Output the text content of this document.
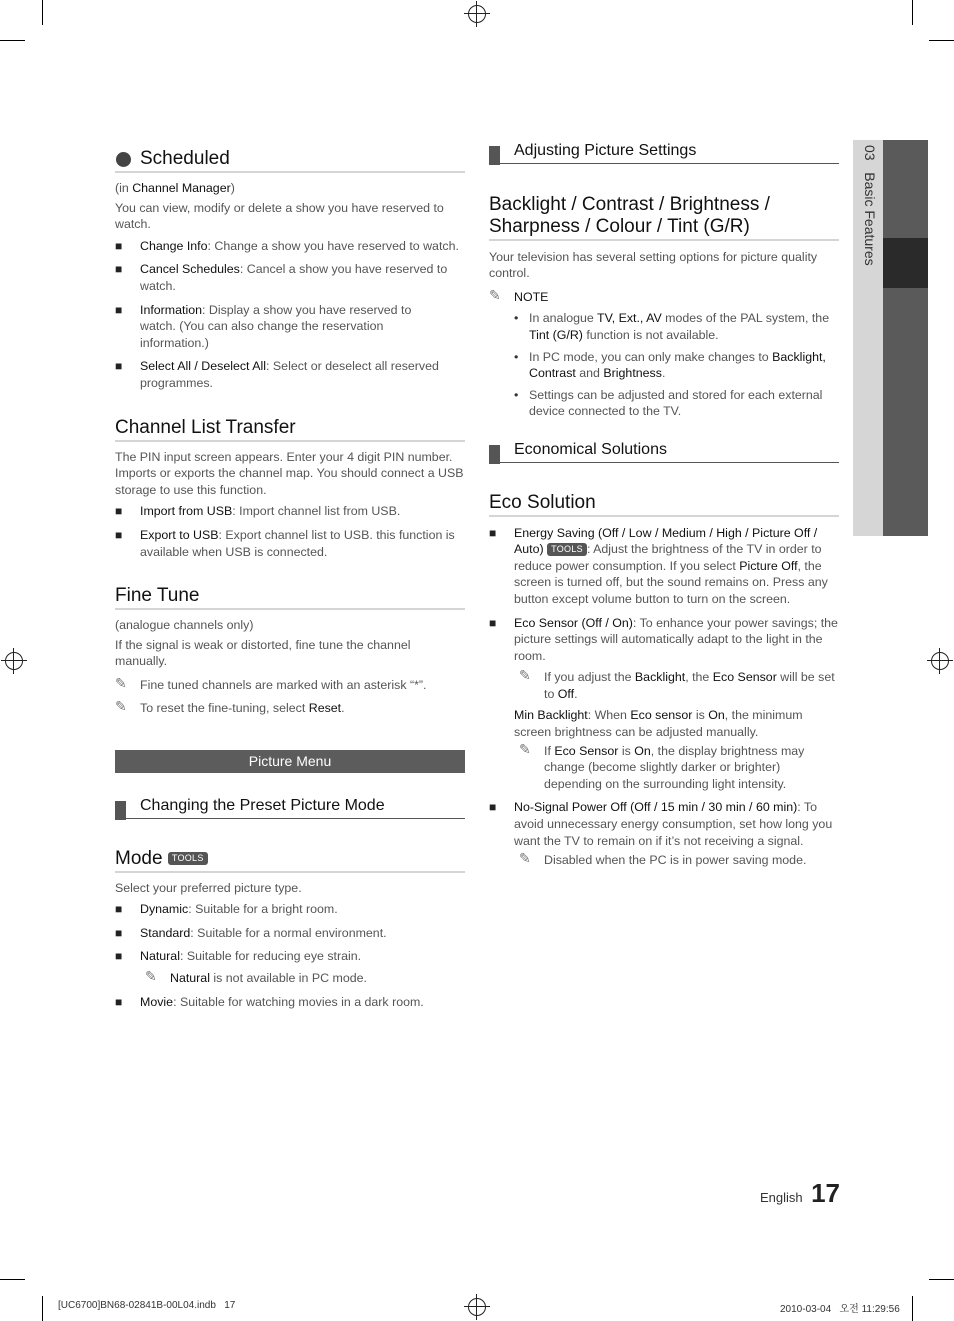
03   Basic Features
Scheduled

(in Channel Manager)

You can view, modify or delete a show you have reserved to watch.

■ Change Info: Change a show you have reserved to watch.

■ Cancel Schedules: Cancel a show you have reserved to watch.

■ Information: Display a show you have reserved to watch. (You can also change the reservation information.)

■ Select All / Deselect All: Select or deselect all reserved programmes.

Channel List Transfer

The PIN input screen appears. Enter your 4 digit PIN number. Imports or exports the channel map. You should connect a USB storage to use this function.

■ Import from USB: Import channel list from USB.

■ Export to USB: Export channel list to USB. this function is available when USB is connected.

Fine Tune

(analogue channels only)

If the signal is weak or distorted, fine tune the channel manually.

✎ Fine tuned channels are marked with an asterisk “*”.

✎ To reset the fine-tuning, select Reset.

Picture Menu
Changing the Preset Picture Mode
Mode TOOLS

Select your preferred picture type.

■ Dynamic: Suitable for a bright room.

■ Standard: Suitable for a normal environment.

■ Natural: Suitable for reducing eye strain.

✎ Natural is not available in PC mode.

■ Movie: Suitable for watching movies in a dark room.

Adjusting Picture Settings
Backlight / Contrast / Brightness / Sharpness / Colour / Tint (G/R)

Your television has several setting options for picture quality control.

✎ NOTE

• In analogue TV, Ext., AV modes of the PAL system, the Tint (G/R) function is not available.

• In PC mode, you can only make changes to Backlight, Contrast and Brightness.

• Settings can be adjusted and stored for each external device connected to the TV.

Economical Solutions
Eco Solution

■ Energy Saving (Off / Low / Medium / High / Picture Off / Auto) TOOLS : Adjust the brightness of the TV in order to reduce power consumption. If you select Picture Off, the screen is turned off, but the sound remains on. Press any button except volume button to turn on the screen.

■ Eco Sensor (Off / On): To enhance your power savings; the picture settings will automatically adapt to the light in the room.

✎ If you adjust the Backlight, the Eco Sensor will be set to Off.

Min Backlight: When Eco sensor is On, the minimum screen brightness can be adjusted manually.

✎ If Eco Sensor is On, the display brightness may change (become slightly darker or brighter) depending on the surrounding light intensity.

■ No-Signal Power Off (Off / 15 min / 30 min / 60 min): To avoid unnecessary energy consumption, set how long you want the TV to remain on if it’s not receiving a signal.

✎ Disabled when the PC is in power saving mode.

English 17
[UC6700]BN68-02841B-00L04.indb   17	2010-03-04   오전 11:29:56
